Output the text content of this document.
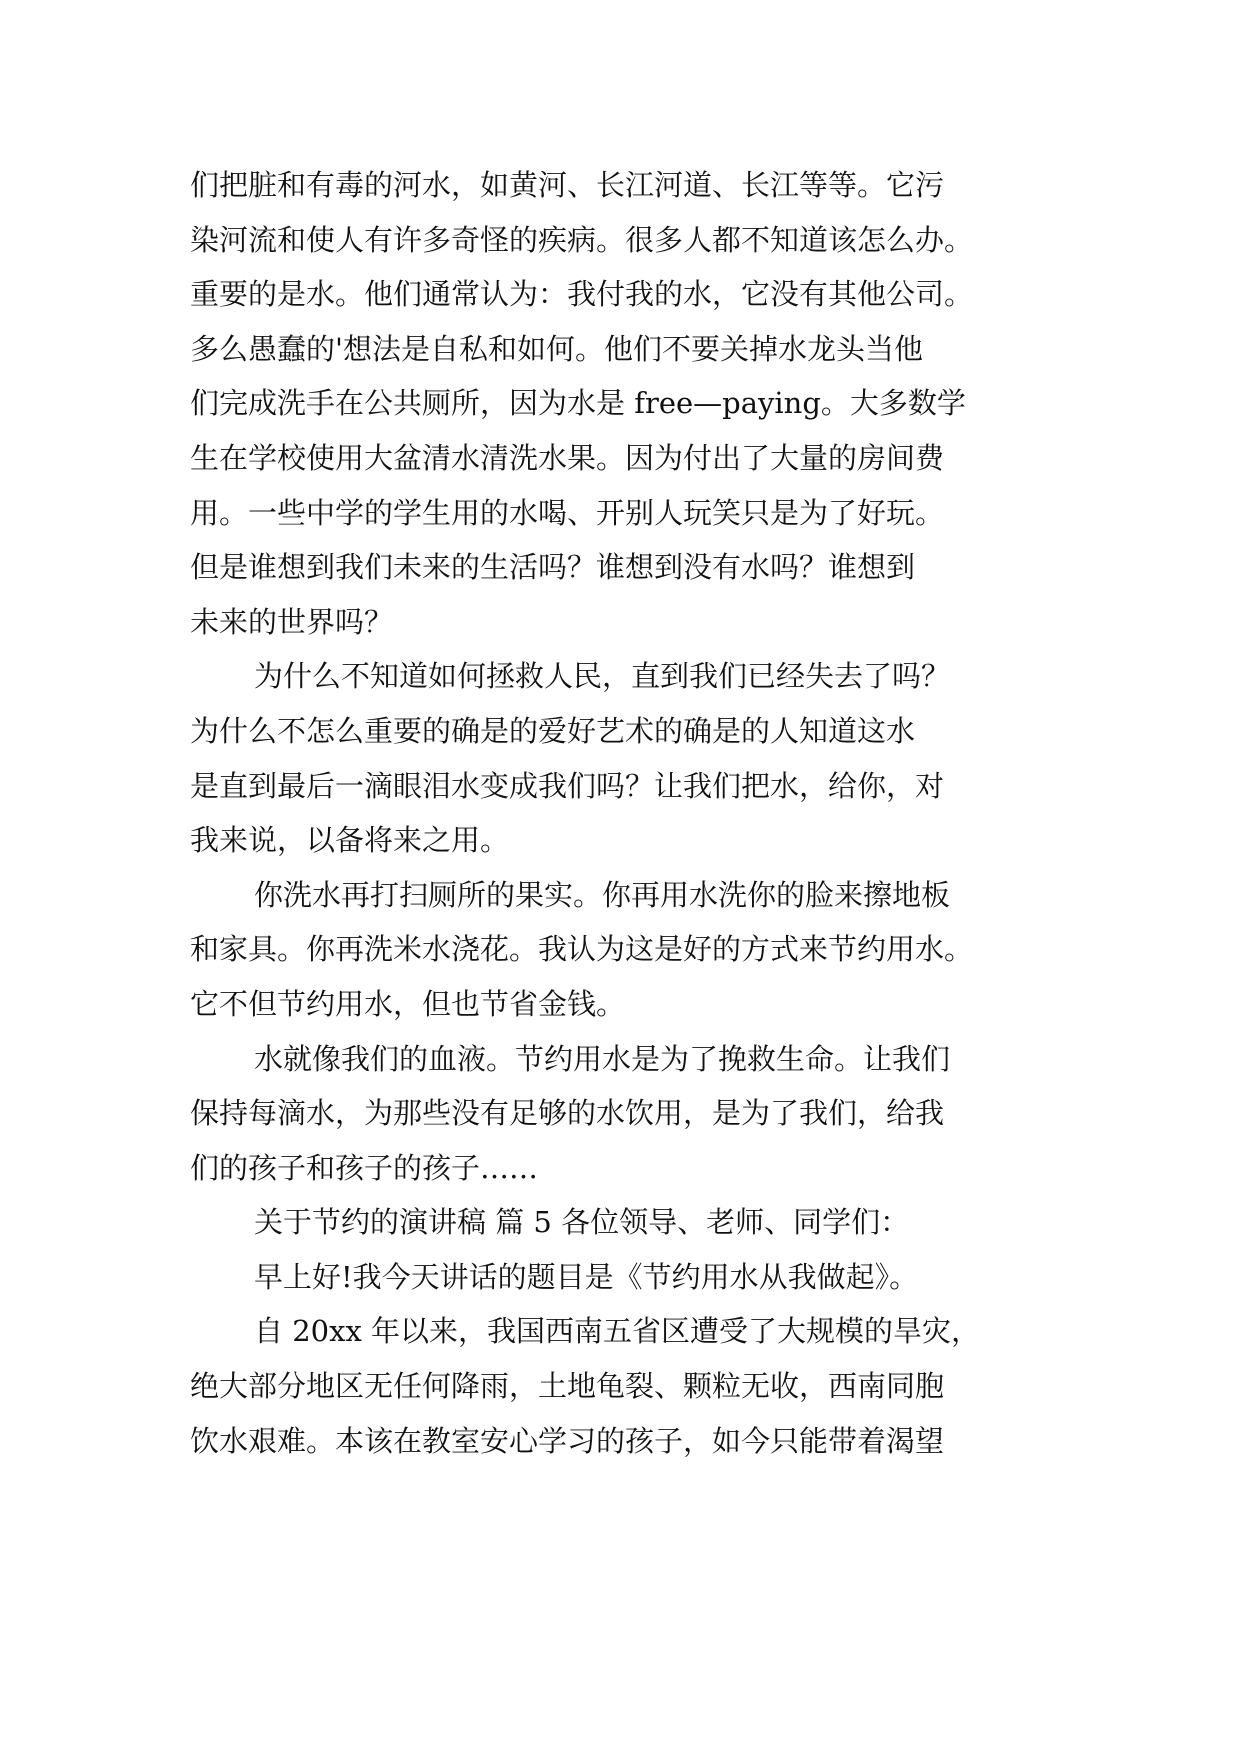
们把脏和有毒的河水，如黄河、长江河道、长江等等。它污

染河流和使人有许多奇怪的疾病。很多人都不知道该怎么办。

重要的是水。他们通常认为：我付我的水，它没有其他公司。

多么愚蠢的'想法是自私和如何。他们不要关掉水龙头当他

们完成洗手在公共厕所，因为水是 free—paying。大多数学

生在学校使用大盆清水清洗水果。因为付出了大量的房间费

用。一些中学的学生用的水喝、开别人玩笑只是为了好玩。

但是谁想到我们未来的生活吗？谁想到没有水吗？谁想到

未来的世界吗？

为什么不知道如何拯救人民，直到我们已经失去了吗？

为什么不怎么重要的确是的爱好艺术的确是的人知道这水

是直到最后一滴眼泪水变成我们吗？让我们把水，给你，对

我来说，以备将来之用。

你洗水再打扫厕所的果实。你再用水洗你的脸来擦地板

和家具。你再洗米水浇花。我认为这是好的方式来节约用水。

它不但节约用水，但也节省金钱。

水就像我们的血液。节约用水是为了挽救生命。让我们

保持每滴水，为那些没有足够的水饮用，是为了我们，给我

们的孩子和孩子的孩子……

关于节约的演讲稿 篇 5 各位领导、老师、同学们：

早上好!我今天讲话的题目是《节约用水从我做起》。

自 20xx 年以来，我国西南五省区遭受了大规模的旱灾，

绝大部分地区无任何降雨，土地龟裂、颗粒无收，西南同胞

饮水艰难。本该在教室安心学习的孩子，如今只能带着渴望
